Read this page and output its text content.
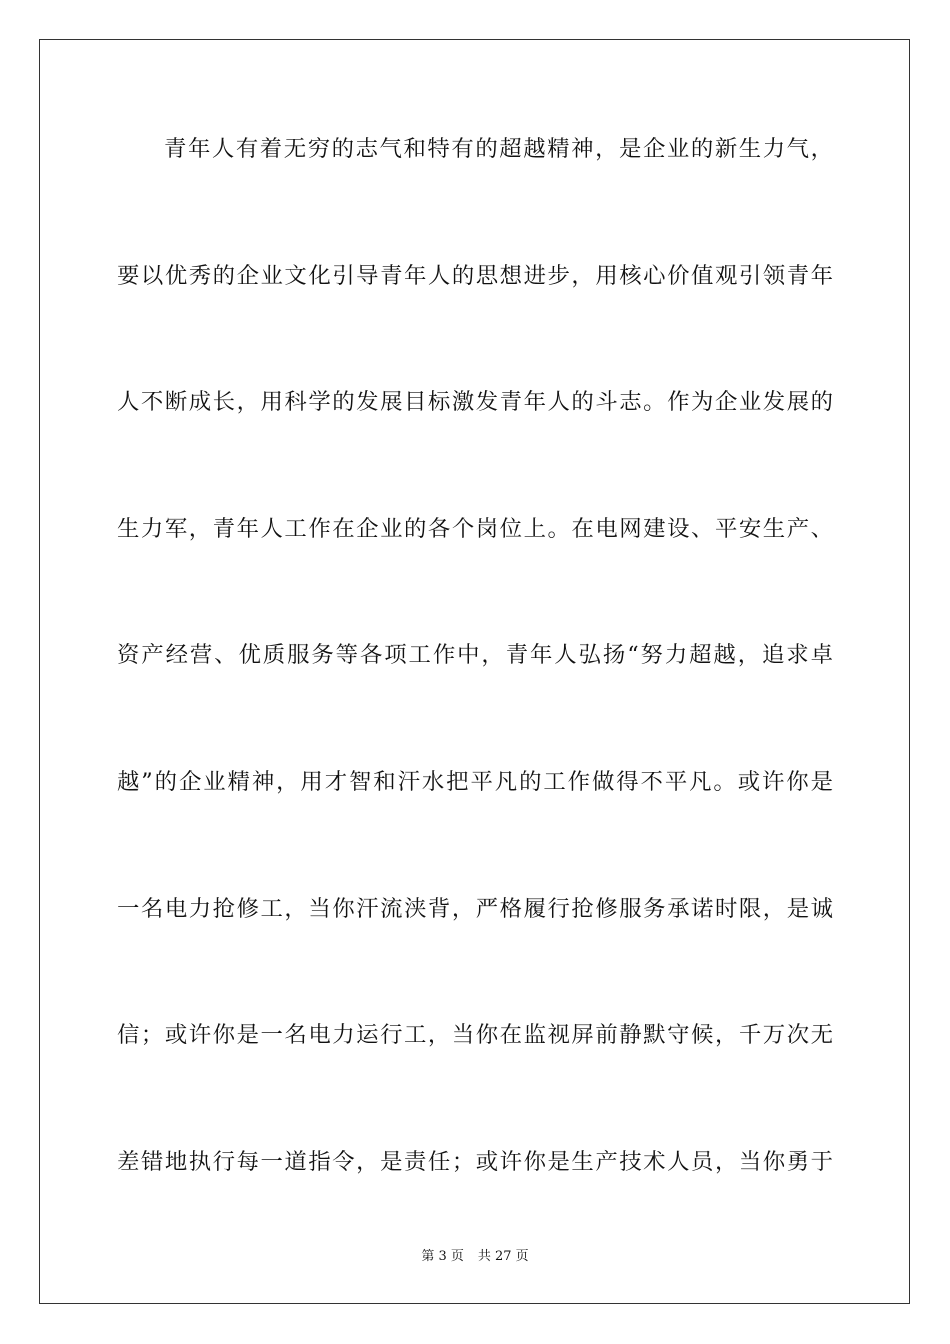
青年人有着无穷的志气和特有的超越精神，是企业的新生力气，
要以优秀的企业文化引导青年人的思想进步，用核心价值观引领青年
人不断成长，用科学的发展目标激发青年人的斗志。作为企业发展的
生力军，青年人工作在企业的各个岗位上。在电网建设、平安生产、
资产经营、优质服务等各项工作中，青年人弘扬“努力超越，追求卓
越”的企业精神，用才智和汗水把平凡的工作做得不平凡。或许你是
一名电力抢修工，当你汗流浃背，严格履行抢修服务承诺时限，是诚
信；或许你是一名电力运行工，当你在监视屏前静默守候，千万次无
差错地执行每一道指令，是责任；或许你是生产技术人员，当你勇于
第 3 页 共 27 页
